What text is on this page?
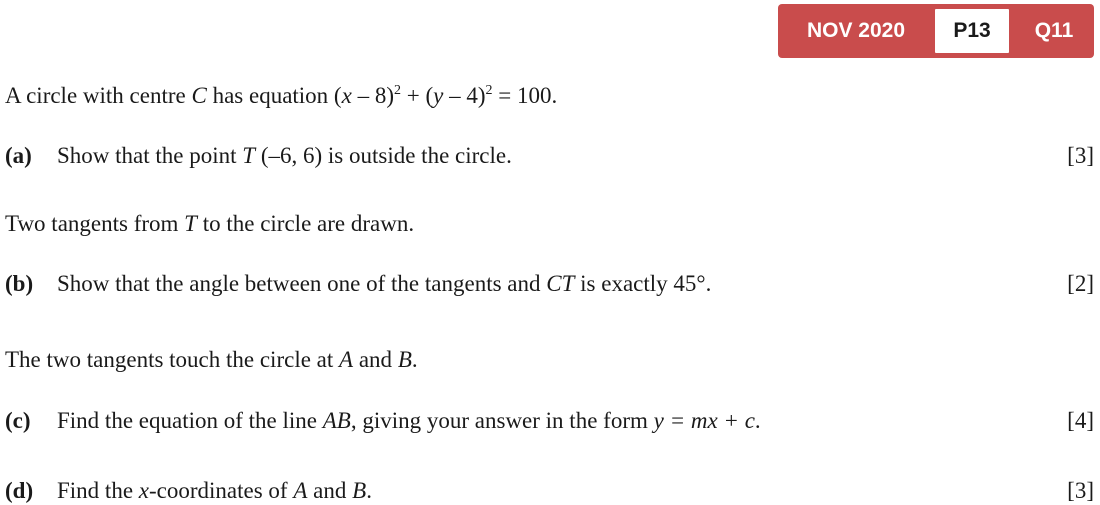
NOV 2020	P13	Q11
A circle with centre C has equation (x – 8)$^2$ + (y – 4)$^2$ = 100.
(a) Show that the point T (–6, 6) is outside the circle.	[3]
Two tangents from T to the circle are drawn.
(b) Show that the angle between one of the tangents and CT is exactly 45°.	[2]
The two tangents touch the circle at A and B.
(c) Find the equation of the line AB, giving your answer in the form y = mx + c.	[4]
(d) Find the x-coordinates of A and B.	[3]
